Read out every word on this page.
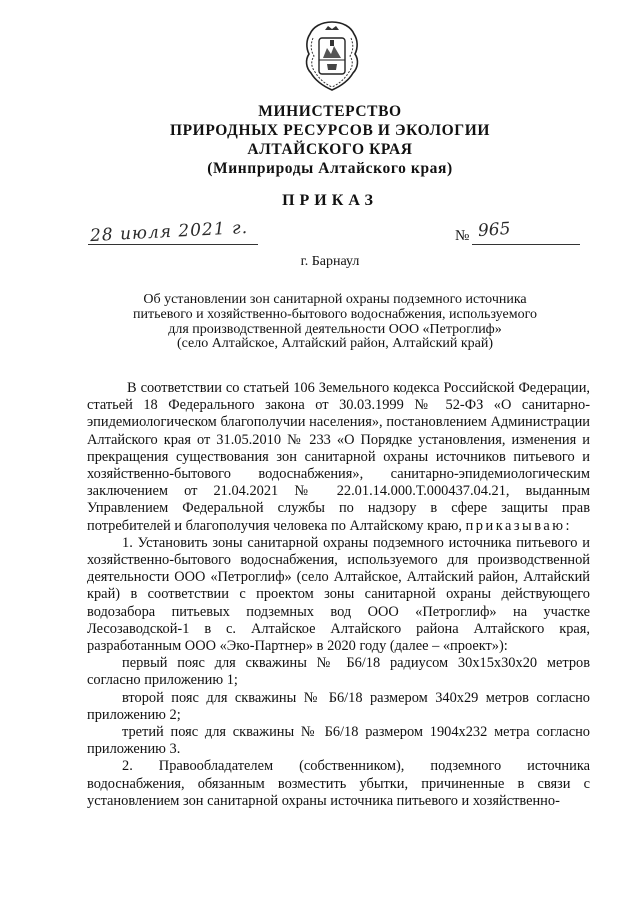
МИНИСТЕРСТВО
ПРИРОДНЫХ РЕСУРСОВ И ЭКОЛОГИИ
АЛТАЙСКОГО КРАЯ
(Минприроды Алтайского края)
ПРИКАЗ
28 июля 2021 г.	№ 965
г. Барнаул
Об установлении зон санитарной охраны подземного источника
питьевого и хозяйственно-бытового водоснабжения, используемого
для производственной деятельности ООО «Петроглиф»
(село Алтайское, Алтайский район, Алтайский край)

В соответствии со статьей 106 Земельного кодекса Российской Федерации, статьей 18 Федерального закона от 30.03.1999 № 52-ФЗ «О санитарно-эпидемиологическом благополучии населения», постановлением Администрации Алтайского края от 31.05.2010 № 233 «О Порядке установления, изменения и прекращения существования зон санитарной охраны источников питьевого и хозяйственно-бытового водоснабжения», санитарно-эпидемиологическим заключением от 21.04.2021 № 22.01.14.000.Т.000437.04.21, выданным Управлением Федеральной службы по надзору в сфере защиты прав потребителей и благополучия человека по Алтайскому краю, приказываю:

1. Установить зоны санитарной охраны подземного источника питьевого и хозяйственно-бытового водоснабжения, используемого для производственной деятельности ООО «Петроглиф» (село Алтайское, Алтайский район, Алтайский край) в соответствии с проектом зоны санитарной охраны действующего водозабора питьевых подземных вод ООО «Петроглиф» на участке Лесозаводской-1 в с. Алтайское Алтайского района Алтайского края, разработанным ООО «Эко-Партнер» в 2020 году (далее – «проект»):

первый пояс для скважины № Б6/18 радиусом 30х15х30х20 метров согласно приложению 1;

второй пояс для скважины № Б6/18 размером 340х29 метров согласно приложению 2;

третий пояс для скважины № Б6/18 размером 1904х232 метра согласно приложению 3.

2. Правообладателем (собственником), подземного источника водоснабжения, обязанным возместить убытки, причиненные в связи с установлением зон санитарной охраны источника питьевого и хозяйственно-
